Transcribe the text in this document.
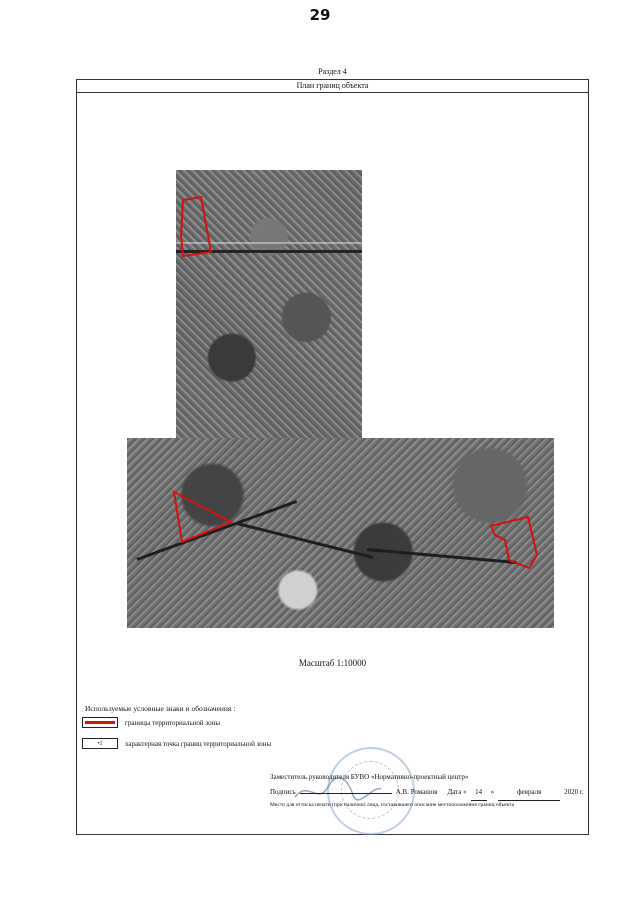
29
Раздел 4
План границ объекта
Масштаб 1:10000
Используемые условные знаки и обозначения :
границы территориальной зоны
•1	характерная точка границ территориальной зоны
Заместитель руководителя БУВО «Нормативно-проектный центр»
Подпись	А.В. Ромашов Дата «	14	»	февраля	2020 г.
Место для оттиска печати (при наличии) лица, составившего описание местоположения границ объекта
